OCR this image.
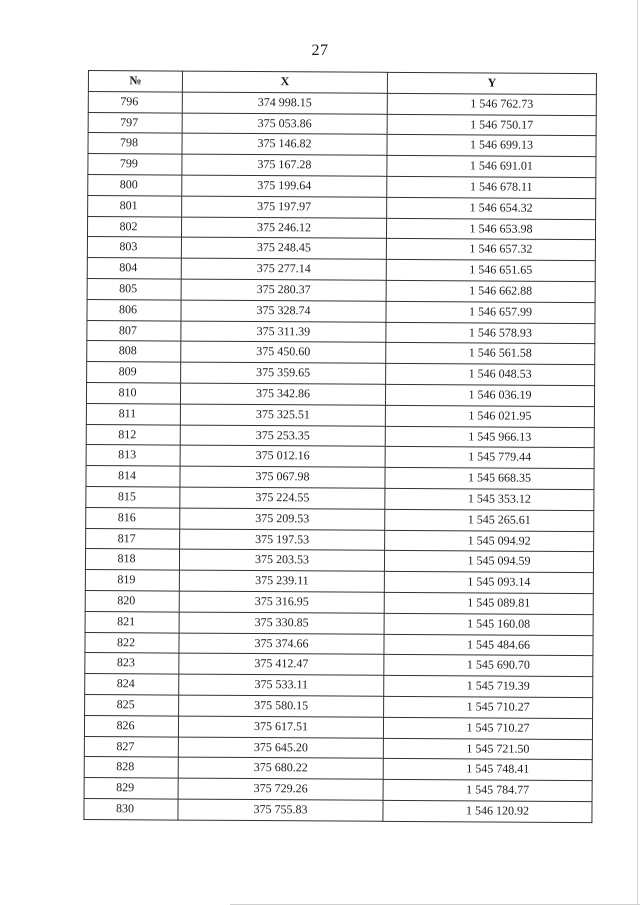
27
№	X	Y
796	374 998.15	1 546 762.73
797	375 053.86	1 546 750.17
798	375 146.82	1 546 699.13
799	375 167.28	1 546 691.01
800	375 199.64	1 546 678.11
801	375 197.97	1 546 654.32
802	375 246.12	1 546 653.98
803	375 248.45	1 546 657.32
804	375 277.14	1 546 651.65
805	375 280.37	1 546 662.88
806	375 328.74	1 546 657.99
807	375 311.39	1 546 578.93
808	375 450.60	1 546 561.58
809	375 359.65	1 546 048.53
810	375 342.86	1 546 036.19
811	375 325.51	1 546 021.95
812	375 253.35	1 545 966.13
813	375 012.16	1 545 779.44
814	375 067.98	1 545 668.35
815	375 224.55	1 545 353.12
816	375 209.53	1 545 265.61
817	375 197.53	1 545 094.92
818	375 203.53	1 545 094.59
819	375 239.11	1 545 093.14
820	375 316.95	1 545 089.81
821	375 330.85	1 545 160.08
822	375 374.66	1 545 484.66
823	375 412.47	1 545 690.70
824	375 533.11	1 545 719.39
825	375 580.15	1 545 710.27
826	375 617.51	1 545 710.27
827	375 645.20	1 545 721.50
828	375 680.22	1 545 748.41
829	375 729.26	1 545 784.77
830	375 755.83	1 546 120.92
